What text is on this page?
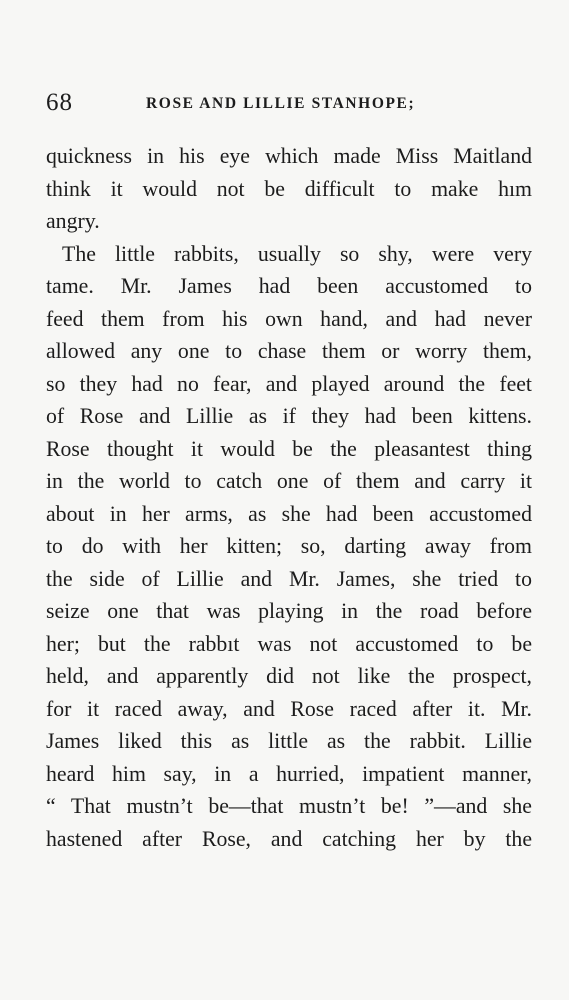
68	ROSE AND LILLIE STANHOPE;
quickness in his eye which made Miss Maitland
think it would not be difficult to make hım
angry.
The little rabbits, usually so shy, were very
tame. Mr. James had been accustomed to
feed them from his own hand, and had never
allowed any one to chase them or worry them,
so they had no fear, and played around the feet
of Rose and Lillie as if they had been kittens.
Rose thought it would be the pleasantest thing
in the world to catch one of them and carry it
about in her arms, as she had been accustomed
to do with her kitten; so, darting away from
the side of Lillie and Mr. James, she tried to
seize one that was playing in the road before
her; but the rabbıt was not accustomed to be
held, and apparently did not like the prospect,
for it raced away, and Rose raced after it. Mr.
James liked this as little as the rabbit. Lillie
heard him say, in a hurried, impatient manner,
“ That mustn’t be—that mustn’t be! ”—and she
hastened after Rose, and catching her by the
